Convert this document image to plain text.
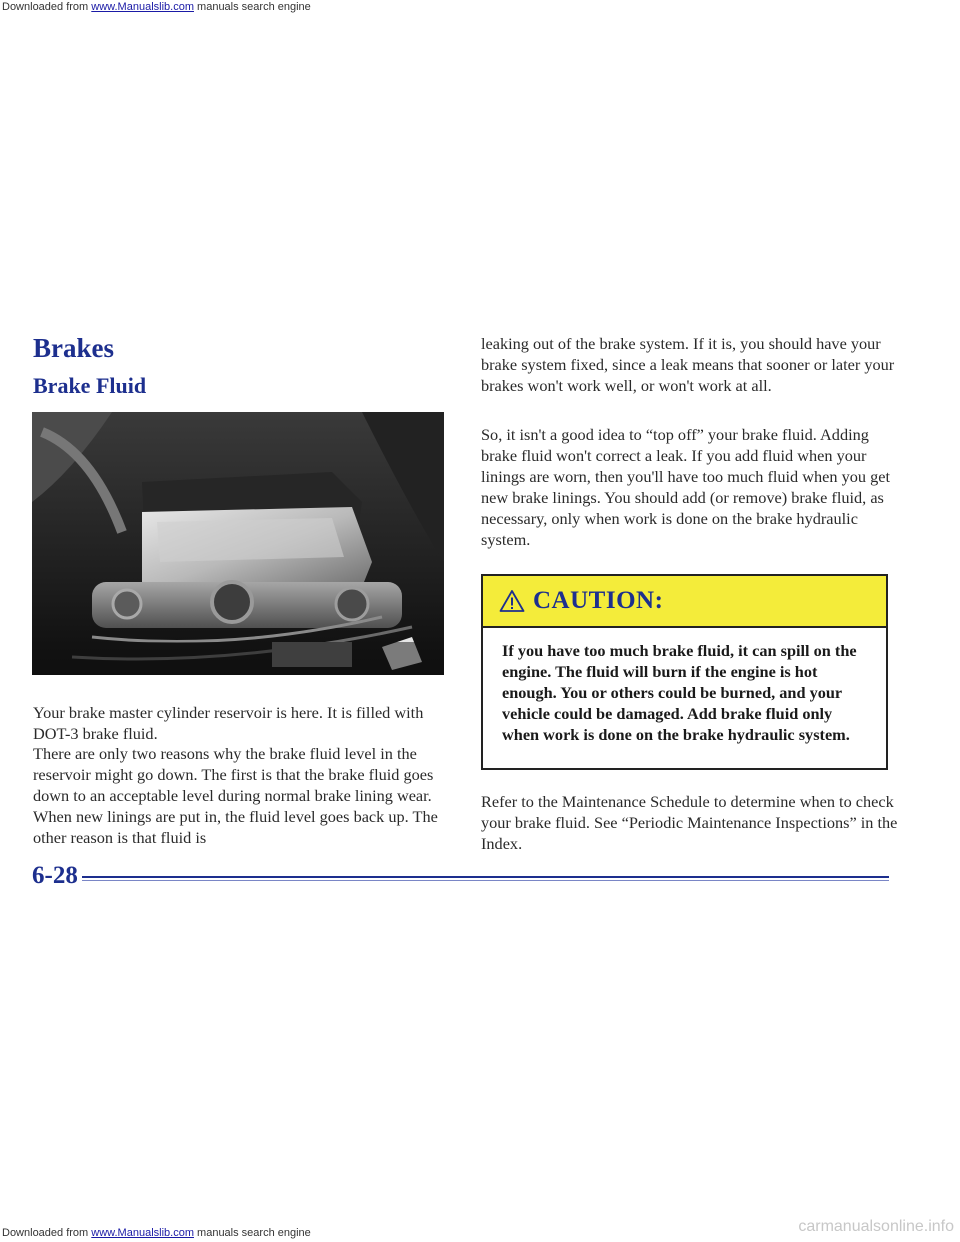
Downloaded from www.Manualslib.com manuals search engine
Brakes
Brake Fluid

Your brake master cylinder reservoir is here. It is filled with DOT-3 brake fluid.

There are only two reasons why the brake fluid level in the reservoir might go down. The first is that the brake fluid goes down to an acceptable level during normal brake lining wear. When new linings are put in, the fluid level goes back up. The other reason is that fluid is

leaking out of the brake system. If it is, you should have your brake system fixed, since a leak means that sooner or later your brakes won't work well, or won't work at all.

So, it isn't a good idea to “top off” your brake fluid. Adding brake fluid won't correct a leak. If you add fluid when your linings are worn, then you'll have too much fluid when you get new brake linings. You should add (or remove) brake fluid, as necessary, only when work is done on the brake hydraulic system.

CAUTION:

If you have too much brake fluid, it can spill on the engine. The fluid will burn if the engine is hot enough. You or others could be burned, and your vehicle could be damaged. Add brake fluid only when work is done on the brake hydraulic system.

Refer to the Maintenance Schedule to determine when to check your brake fluid. See “Periodic Maintenance Inspections” in the Index.

6-28
Downloaded from www.Manualslib.com manuals search engine	carmanualsonline.info
